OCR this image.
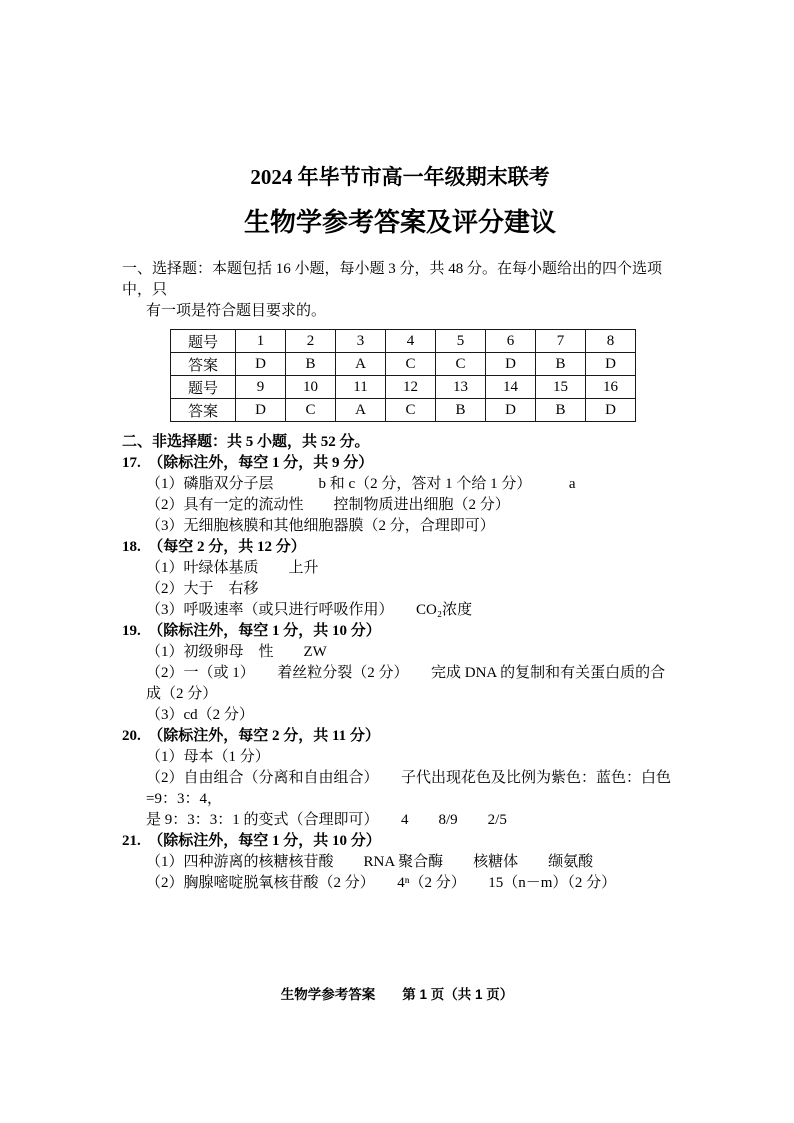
2024 年毕节市高一年级期末联考
生物学参考答案及评分建议
一、选择题：本题包括 16 小题，每小题 3 分，共 48 分。在每小题给出的四个选项中，只
有一项是符合题目要求的。
题号	1	2	3	4	5	6	7	8
答案	D	B	A	C	C	D	B	D
题号	9	10	11	12	13	14	15	16
答案	D	C	A	C	B	D	B	D
二、非选择题：共 5 小题，共 52 分。
17.　（除标注外，每空 1 分，共 9 分）
（1）磷脂双分子层　　　b 和 c（2 分，答对 1 个给 1 分）　　　a
（2）具有一定的流动性　　控制物质进出细胞（2 分）
（3）无细胞核膜和其他细胞器膜（2 分，合理即可）
18.　（每空 2 分，共 12 分）
（1）叶绿体基质　　上升
（2）大于　右移
（3）呼吸速率（或只进行呼吸作用）　　CO₂浓度
19.　（除标注外，每空 1 分，共 10 分）
（1）初级卵母　性　　ZW
（2）一（或 1）　　着丝粒分裂（2 分）　　完成 DNA 的复制和有关蛋白质的合成（2 分）
（3）cd（2 分）
20.　（除标注外，每空 2 分，共 11 分）
（1）母本（1 分）
（2）自由组合（分离和自由组合）　　子代出现花色及比例为紫色：蓝色：白色=9：3：4，
是 9：3：3：1 的变式（合理即可）　　4　　8/9　　2/5
21.　（除标注外，每空 1 分，共 10 分）
（1）四种游离的核糖核苷酸　　RNA 聚合酶　　核糖体　　缬氨酸
（2）胸腺嘧啶脱氧核苷酸（2 分）　　4ⁿ（2 分）　　15（n－m）（2 分）
生物学参考答案　　第 1 页（共 1 页）
